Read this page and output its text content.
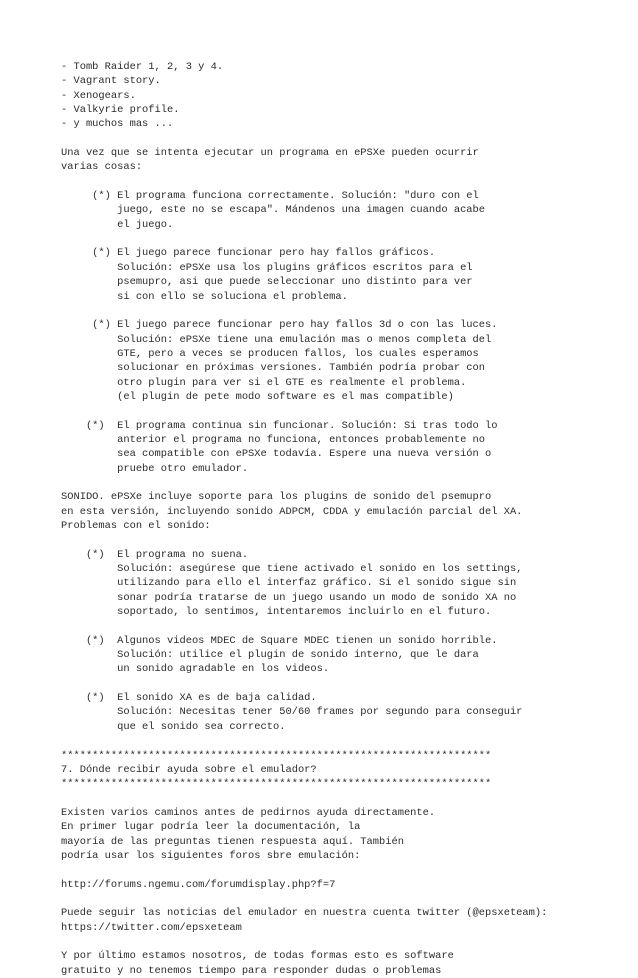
- Tomb Raider 1, 2, 3 y 4.
- Vagrant story.
- Xenogears.
- Valkyrie profile.
- y muchos mas ...

Una vez que se intenta ejecutar un programa en ePSXe pueden ocurrir
varias cosas:

(*) El programa funciona correctamente. Solución: "duro con el
juego, este no se escapa". Mándenos una imagen cuando acabe
el juego.

(*) El juego parece funcionar pero hay fallos gráficos.
Solución: ePSXe usa los plugins gráficos escritos para el
psemupro, asi que puede seleccionar uno distinto para ver
si con ello se soluciona el problema.

(*) El juego parece funcionar pero hay fallos 3d o con las luces.
Solución: ePSXe tiene una emulación mas o menos completa del
GTE, pero a veces se producen fallos, los cuales esperamos
solucionar en próximas versiones. También podría probar con
otro plugin para ver si el GTE es realmente el problema.
(el plugin de pete modo software es el mas compatible)

(*)  El programa continua sin funcionar. Solución: Si tras todo lo
anterior el programa no funciona, entonces probablemente no
sea compatible con ePSXe todavía. Espere una nueva versión o
pruebe otro emulador.

SONIDO. ePSXe incluye soporte para los plugins de sonido del psemupro
en esta versión, incluyendo sonido ADPCM, CDDA y emulación parcial del XA.
Problemas con el sonido:

(*)  El programa no suena.
Solución: asegúrese que tiene activado el sonido en los settings,
utilizando para ello el interfaz gráfico. Si el sonido sigue sin
sonar podría tratarse de un juego usando un modo de sonido XA no
soportado, lo sentimos, intentaremos incluirlo en el futuro.

(*)  Algunos videos MDEC de Square MDEC tienen un sonido horrible.
Solución: utilice el plugin de sonido interno, que le dara
un sonido agradable en los videos.

(*)  El sonido XA es de baja calidad.
Solución: Necesitas tener 50/60 frames por segundo para conseguir
que el sonido sea correcto.

*********************************************************************
7. Dónde recibir ayuda sobre el emulador?
*********************************************************************

Existen varios caminos antes de pedirnos ayuda directamente.
En primer lugar podría leer la documentación, la
mayoría de las preguntas tienen respuesta aquí. También
podría usar los siguientes foros sbre emulación:

http://forums.ngemu.com/forumdisplay.php?f=7

Puede seguir las noticias del emulador en nuestra cuenta twitter (@epsxeteam):
https://twitter.com/epsxeteam

Y por último estamos nosotros, de todas formas esto es software
gratuito y no tenemos tiempo para responder dudas o problemas
